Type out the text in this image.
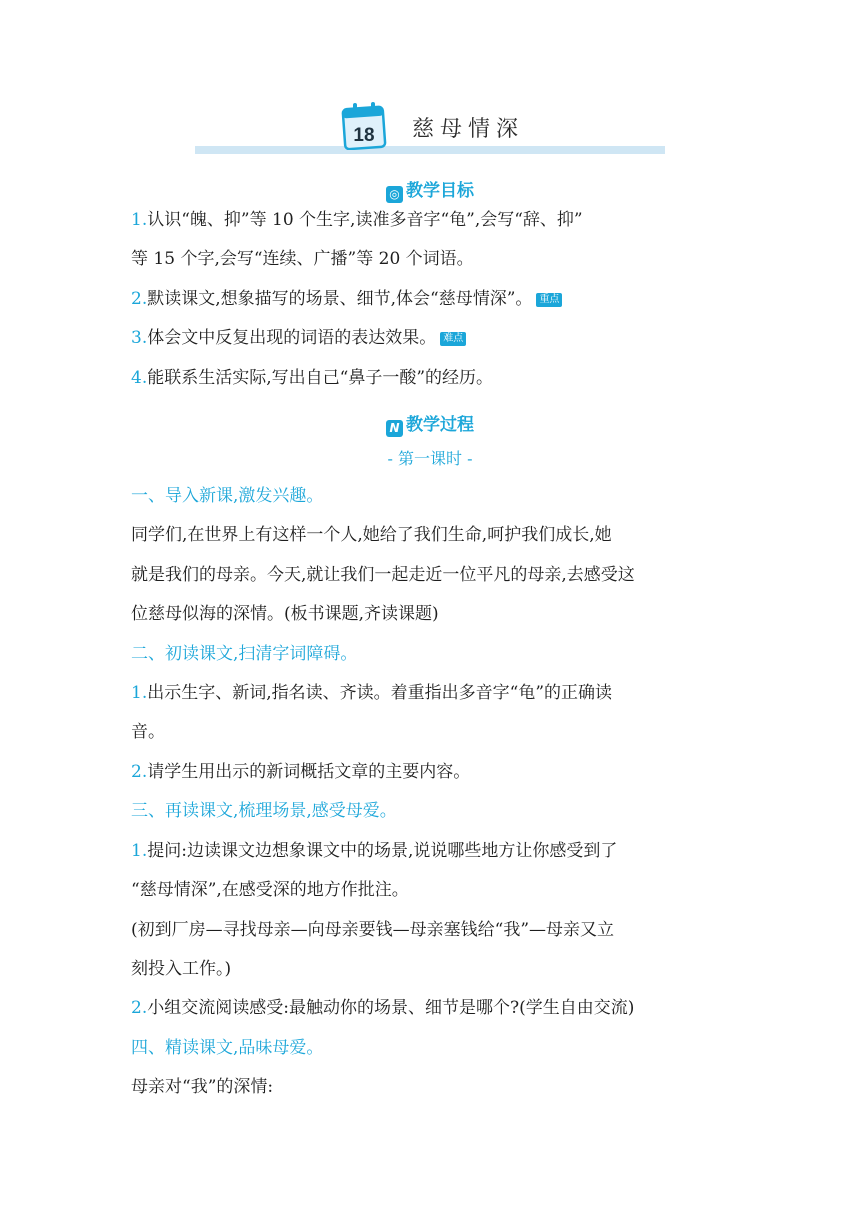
18 慈母情深
◎ 教学目标
1.认识“魄、抑”等 10 个生字,读准多音字“龟”,会写“辞、抑”
等 15 个字,会写“连续、广播”等 20 个词语。
2.默读课文,想象描写的场景、细节,体会“慈母情深”。 重点
3.体会文中反复出现的词语的表达效果。 难点
4.能联系生活实际,写出自己“鼻子一酸”的经历。
N 教学过程
- 第一课时 -
一、导入新课,激发兴趣。
同学们,在世界上有这样一个人,她给了我们生命,呵护我们成长,她
就是我们的母亲。今天,就让我们一起走近一位平凡的母亲,去感受这
位慈母似海的深情。(板书课题,齐读课题)
二、初读课文,扫清字词障碍。
1.出示生字、新词,指名读、齐读。着重指出多音字“龟”的正确读
音。
2.请学生用出示的新词概括文章的主要内容。
三、再读课文,梳理场景,感受母爱。
1.提问:边读课文边想象课文中的场景,说说哪些地方让你感受到了
“慈母情深”,在感受深的地方作批注。
(初到厂房—寻找母亲—向母亲要钱—母亲塞钱给“我”—母亲又立
刻投入工作。)
2.小组交流阅读感受:最触动你的场景、细节是哪个?(学生自由交流)
四、精读课文,品味母爱。
母亲对“我”的深情:
